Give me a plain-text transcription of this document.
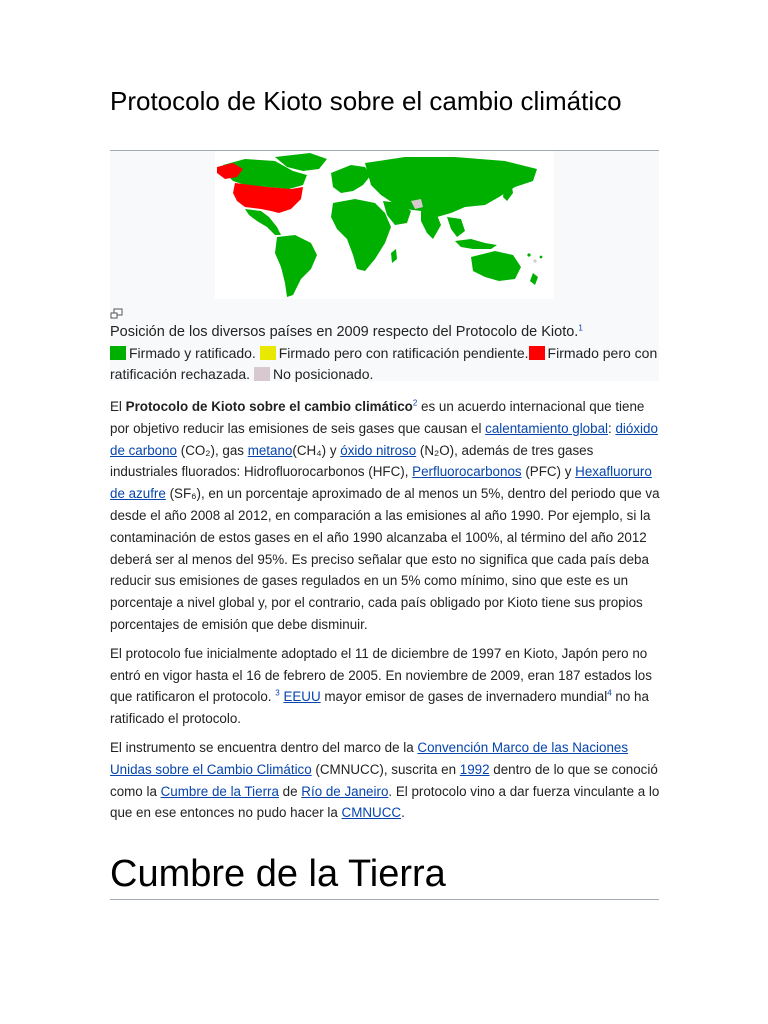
Protocolo de Kioto sobre el cambio climático
Posición de los diversos países en 2009 respecto del Protocolo de Kioto.$^1$
Firmado y ratificado. Firmado pero con ratificación pendiente. Firmado pero con ratificación rechazada. No posicionado.

El Protocolo de Kioto sobre el cambio climático$^2$ es un acuerdo internacional que tiene por objetivo reducir las emisiones de seis gases que causan el calentamiento global: dióxido de carbono (CO₂), gas metano(CH₄) y óxido nitroso (N₂O), además de tres gases industriales fluorados: Hidrofluorocarbonos (HFC), Perfluorocarbonos (PFC) y Hexafluoruro de azufre (SF₆), en un porcentaje aproximado de al menos un 5%, dentro del periodo que va desde el año 2008 al 2012, en comparación a las emisiones al año 1990. Por ejemplo, si la contaminación de estos gases en el año 1990 alcanzaba el 100%, al término del año 2012 deberá ser al menos del 95%. Es preciso señalar que esto no significa que cada país deba reducir sus emisiones de gases regulados en un 5% como mínimo, sino que este es un porcentaje a nivel global y, por el contrario, cada país obligado por Kioto tiene sus propios porcentajes de emisión que debe disminuir.

El protocolo fue inicialmente adoptado el 11 de diciembre de 1997 en Kioto, Japón pero no entró en vigor hasta el 16 de febrero de 2005. En noviembre de 2009, eran 187 estados los que ratificaron el protocolo. $^3$ EEUU mayor emisor de gases de invernadero mundial$^4$ no ha ratificado el protocolo.

El instrumento se encuentra dentro del marco de la Convención Marco de las Naciones Unidas sobre el Cambio Climático (CMNUCC), suscrita en 1992 dentro de lo que se conoció como la Cumbre de la Tierra de Río de Janeiro. El protocolo vino a dar fuerza vinculante a lo que en ese entonces no pudo hacer la CMNUCC.

Cumbre de la Tierra
